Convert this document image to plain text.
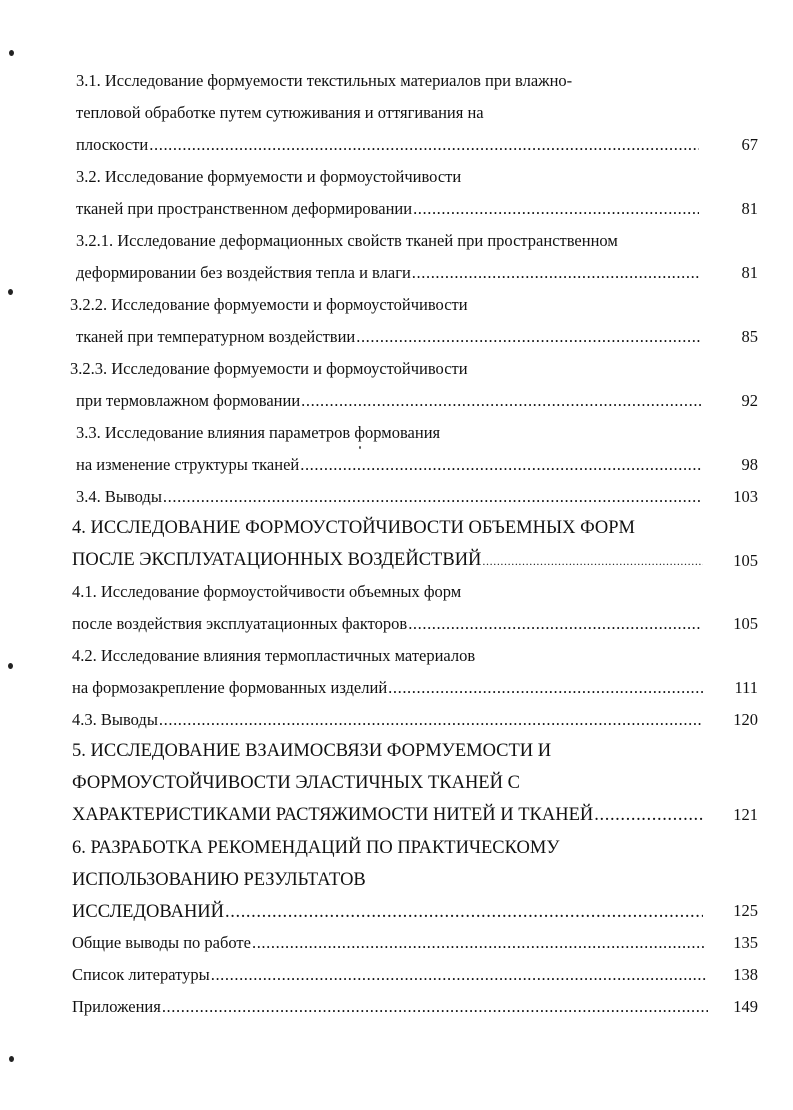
3.1. Исследование формуемости текстильных материалов при влажно-
тепловой обработке путем сутюживания и оттягивания на
плоскости .....	67
3.2. Исследование формуемости и формоустойчивости
тканей при пространственном деформировании .....	81
3.2.1. Исследование деформационных свойств тканей при пространственном
деформировании без воздействия тепла и влаги .....	81
3.2.2. Исследование формуемости и формоустойчивости
тканей при температурном воздействии .....	85
3.2.3. Исследование формуемости и формоустойчивости
при термовлажном формовании .....	92
3.3. Исследование влияния параметров формования
на изменение структуры тканей .....	98
3.4. Выводы .....	103
4. ИССЛЕДОВАНИЕ ФОРМОУСТОЙЧИВОСТИ ОБЪЕМНЫХ ФОРМ
ПОСЛЕ ЭКСПЛУАТАЦИОННЫХ ВОЗДЕЙСТВИЙ .....	105
4.1. Исследование формоустойчивости объемных форм
после воздействия эксплуатационных факторов .....	105
4.2. Исследование влияния термопластичных материалов
на формозакрепление формованных изделий .....	111
4.3. Выводы .....	120
5. ИССЛЕДОВАНИЕ ВЗАИМОСВЯЗИ ФОРМУЕМОСТИ И
ФОРМОУСТОЙЧИВОСТИ ЭЛАСТИЧНЫХ ТКАНЕЙ С
ХАРАКТЕРИСТИКАМИ РАСТЯЖИМОСТИ НИТЕЙ И ТКАНЕЙ .....	121
6. РАЗРАБОТКА РЕКОМЕНДАЦИЙ ПО ПРАКТИЧЕСКОМУ
ИСПОЛЬЗОВАНИЮ РЕЗУЛЬТАТОВ
ИССЛЕДОВАНИЙ .....	125
Общие выводы по работе .....	135
Список литературы .....	138
Приложения .....	149
